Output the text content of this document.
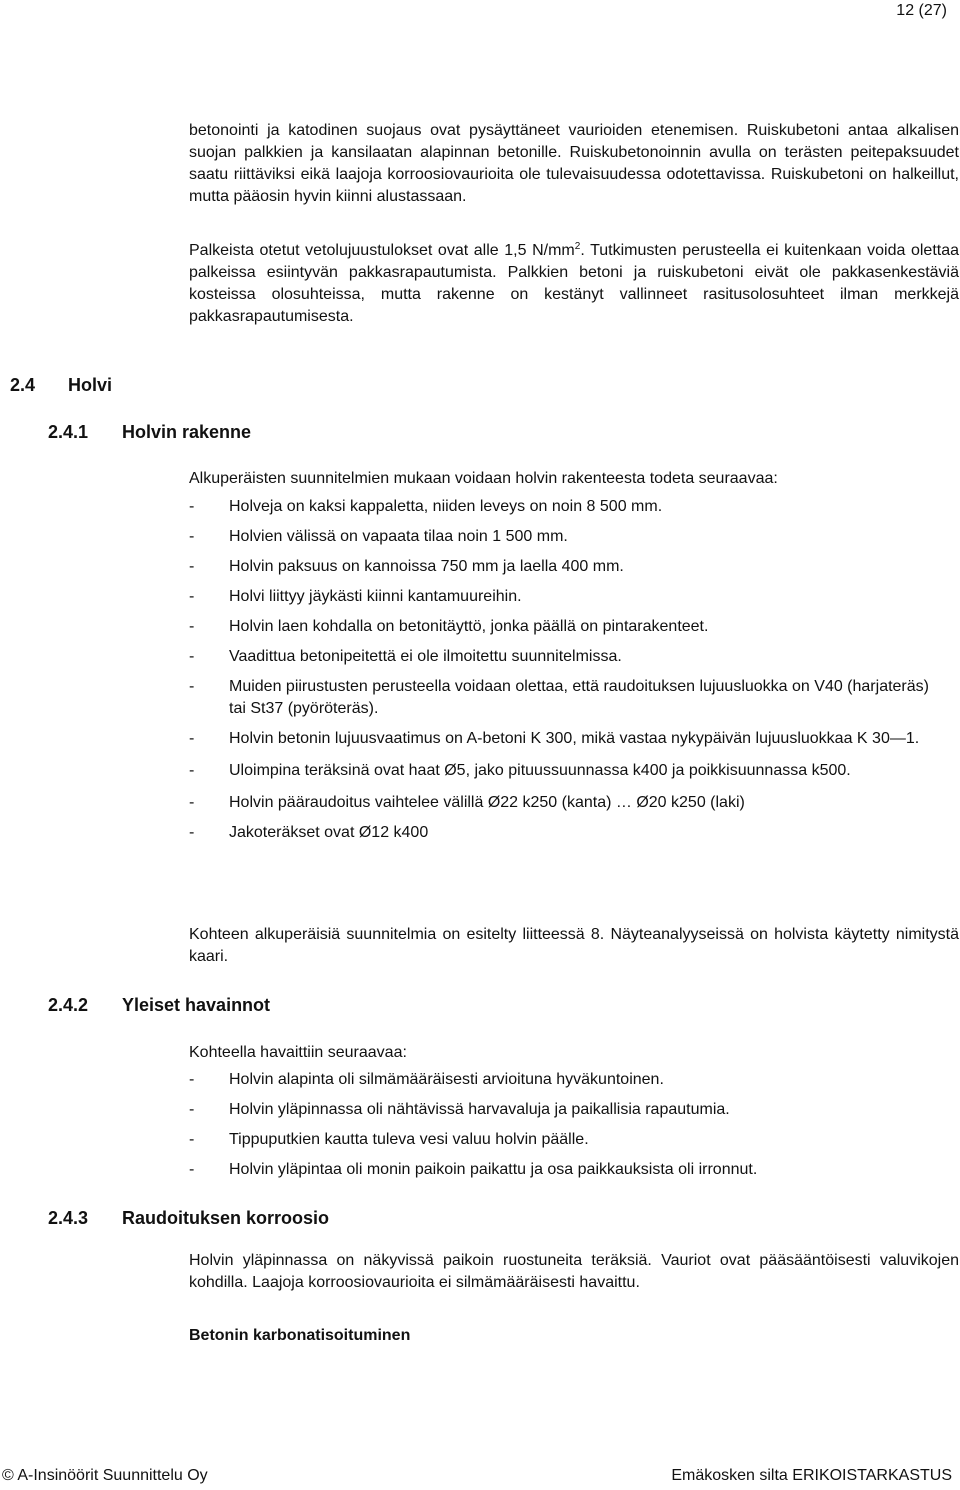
12 (27)

betonointi ja katodinen suojaus ovat pysäyttäneet vaurioiden etenemisen. Ruiskubetoni antaa alkalisen suojan palkkien ja kansilaatan alapinnan betonille. Ruiskubetonoinnin avulla on terästen peitepaksuudet saatu riittäviksi eikä laajoja korroosiovaurioita ole tulevaisuudessa odotettavissa. Ruiskubetoni on halkeillut, mutta pääosin hyvin kiinni alustassaan.

Palkeista otetut vetolujuustulokset ovat alle 1,5 $N/mm^2$. Tutkimusten perusteella ei kuitenkaan voida olettaa palkeissa esiintyvän pakkasrapautumista. Palkkien betoni ja ruiskubetoni eivät ole pakkasenkestäviä kosteissa olosuhteissa, mutta rakenne on kestänyt vallinneet rasitusolosuhteet ilman merkkejä pakkasrapautumisesta.

2.4 Holvi
2.4.1 Holvin rakenne

Alkuperäisten suunnitelmien mukaan voidaan holvin rakenteesta todeta seuraavaa:

- Holveja on kaksi kappaletta, niiden leveys on noin 8 500 mm.
- Holvien välissä on vapaata tilaa noin 1 500 mm.
- Holvin paksuus on kannoissa 750 mm ja laella 400 mm.
- Holvi liittyy jäykästi kiinni kantamuureihin.
- Holvin laen kohdalla on betonitäyttö, jonka päällä on pintarakenteet.
- Vaadittua betonipeitettä ei ole ilmoitettu suunnitelmissa.
- Muiden piirustusten perusteella voidaan olettaa, että raudoituksen lujuusluokka on V40 (harjateräs) tai St37 (pyöröteräs).
- Holvin betonin lujuusvaatimus on A-betoni K 300, mikä vastaa nykypäivän lujuusluokkaa K 30—1.
- Uloimpina teräksinä ovat haat Ø5, jako pituussuunnassa k400 ja poikkisuunnassa k500.
- Holvin pääraudoitus vaihtelee välillä Ø22 k250 (kanta) … Ø20 k250 (laki)
- Jakoteräkset ovat Ø12 k400

Kohteen alkuperäisiä suunnitelmia on esitelty liitteessä 8. Näyteanalyyseissä on holvista käytetty nimitystä kaari.

2.4.2 Yleiset havainnot

Kohteella havaittiin seuraavaa:

- Holvin alapinta oli silmämääräisesti arvioituna hyväkuntoinen.
- Holvin yläpinnassa oli nähtävissä harvavaluja ja paikallisia rapautumia.
- Tippuputkien kautta tuleva vesi valuu holvin päälle.
- Holvin yläpintaa oli monin paikoin paikattu ja osa paikkauksista oli irronnut.
2.4.3 Raudoituksen korroosio

Holvin yläpinnassa on näkyvissä paikoin ruostuneita teräksiä. Vauriot ovat pääsääntöisesti valuvikojen kohdilla. Laajoja korroosiovaurioita ei silmämääräisesti havaittu.

Betonin karbonatisoituminen
© A-Insinöörit Suunnittelu Oy	Emäkosken silta ERIKOISTARKASTUS
